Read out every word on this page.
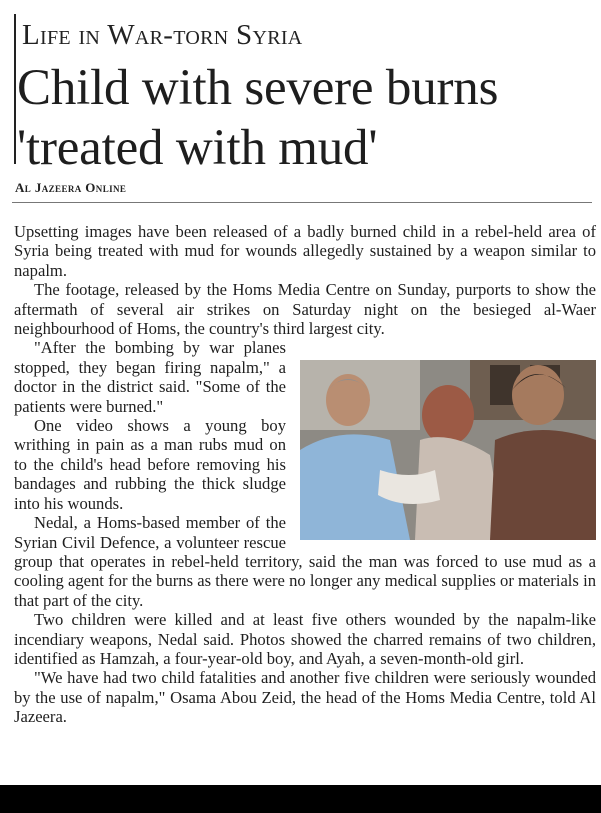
Life in War-torn Syria
Child with severe burns
'treated with mud'
Al Jazeera Online

Upsetting images have been released of a badly burned child in a rebel-held area of Syria being treated with mud for wounds allegedly sustained by a weapon similar to napalm.

The footage, released by the Homs Media Centre on Sunday, purports to show the aftermath of several air strikes on Saturday night on the besieged al-Waer neighbourhood of Homs, the country's third largest city.

"After the bombing by war planes stopped, they began firing napalm," a doctor in the district said. "Some of the patients were burned."

One video shows a young boy writhing in pain as a man rubs mud on to the child's head before removing his bandages and rubbing the thick sludge into his wounds.

Nedal, a Homs-based member of the Syrian Civil Defence, a volunteer rescue group that operates in rebel-held territory, said the man was forced to use mud as a cooling agent for the burns as there were no longer any medical supplies or materials in that part of the city.

Two children were killed and at least five others wounded by the napalm-like incendiary weapons, Nedal said. Photos showed the charred remains of two children, identified as Hamzah, a four-year-old boy, and Ayah, a seven-month-old girl.

"We have had two child fatalities and another five children were seriously wounded by the use of napalm," Osama Abou Zeid, the head of the Homs Media Centre, told Al Jazeera.
